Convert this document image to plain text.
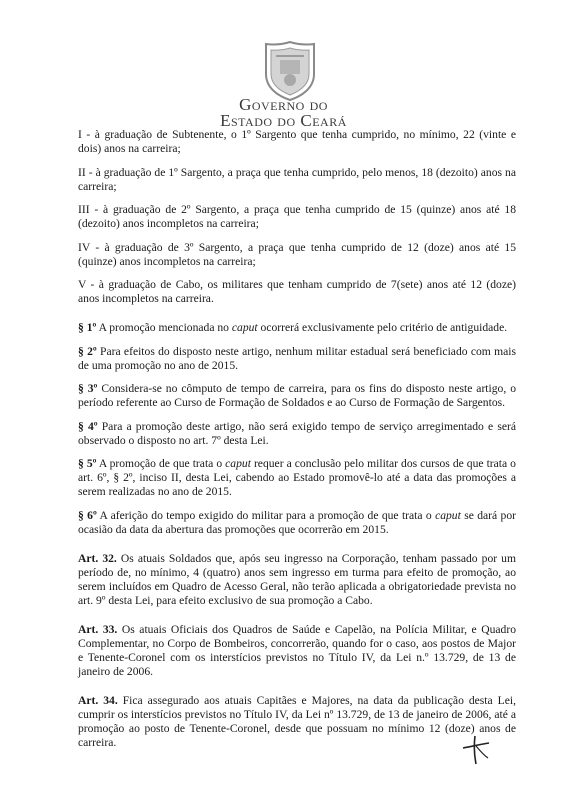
Governo do
Estado do Ceará

I - à graduação de Subtenente, o 1º Sargento que tenha cumprido, no mínimo, 22 (vinte e dois) anos na carreira;

II - à graduação de 1º Sargento, a praça que tenha cumprido, pelo menos, 18 (dezoito) anos na carreira;

III - à graduação de 2º Sargento, a praça que tenha cumprido de 15 (quinze) anos até 18 (dezoito) anos incompletos na carreira;

IV - à graduação de 3º Sargento, a praça que tenha cumprido de 12 (doze) anos até 15 (quinze) anos incompletos na carreira;

V - à graduação de Cabo, os militares que tenham cumprido de 7(sete) anos até 12 (doze) anos incompletos na carreira.

§ 1º A promoção mencionada no caput ocorrerá exclusivamente pelo critério de antiguidade.

§ 2º Para efeitos do disposto neste artigo, nenhum militar estadual será beneficiado com mais de uma promoção no ano de 2015.

§ 3º Considera-se no cômputo de tempo de carreira, para os fins do disposto neste artigo, o período referente ao Curso de Formação de Soldados e ao Curso de Formação de Sargentos.

§ 4º Para a promoção deste artigo, não será exigido tempo de serviço arregimentado e será observado o disposto no art. 7º desta Lei.

§ 5º A promoção de que trata o caput requer a conclusão pelo militar dos cursos de que trata o art. 6º, § 2º, inciso II, desta Lei, cabendo ao Estado promovê-lo até a data das promoções a serem realizadas no ano de 2015.

§ 6º A aferição do tempo exigido do militar para a promoção de que trata o caput se dará por ocasião da data da abertura das promoções que ocorrerão em 2015.

Art. 32. Os atuais Soldados que, após seu ingresso na Corporação, tenham passado por um período de, no mínimo, 4 (quatro) anos sem ingresso em turma para efeito de promoção, ao serem incluídos em Quadro de Acesso Geral, não terão aplicada a obrigatoriedade prevista no art. 9º desta Lei, para efeito exclusivo de sua promoção a Cabo.

Art. 33. Os atuais Oficiais dos Quadros de Saúde e Capelão, na Polícia Militar, e Quadro Complementar, no Corpo de Bombeiros, concorrerão, quando for o caso, aos postos de Major e Tenente-Coronel com os interstícios previstos no Título IV, da Lei n.º 13.729, de 13 de janeiro de 2006.

Art. 34. Fica assegurado aos atuais Capitães e Majores, na data da publicação desta Lei, cumprir os interstícios previstos no Título IV, da Lei nº 13.729, de 13 de janeiro de 2006, até a promoção ao posto de Tenente-Coronel, desde que possuam no mínimo 12 (doze) anos de carreira.
